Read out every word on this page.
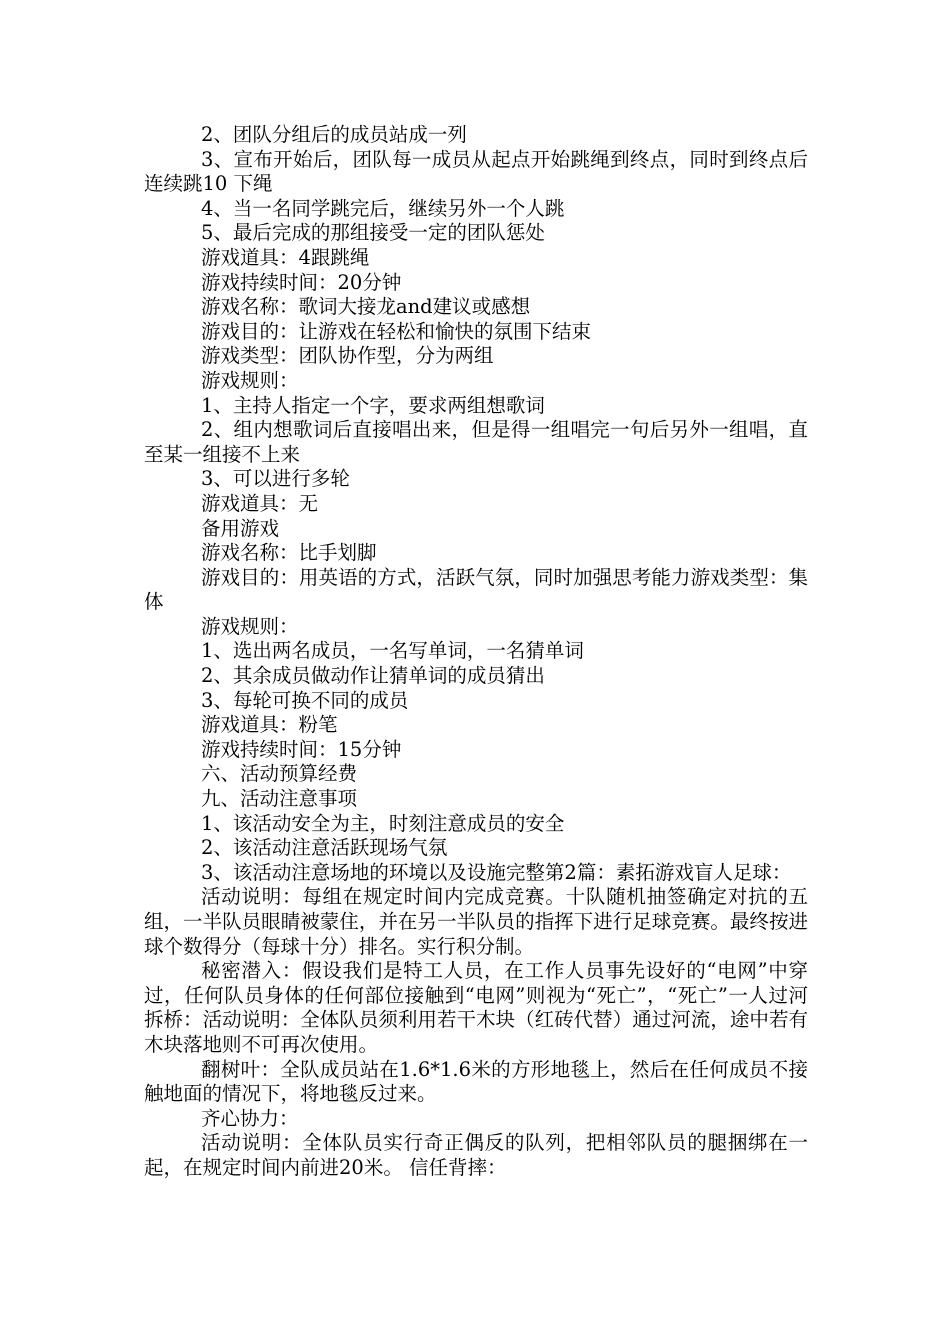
2、团队分组后的成员站成一列

3、宣布开始后，团队每一成员从起点开始跳绳到终点，同时到终点后连续跳10 下绳

4、当一名同学跳完后，继续另外一个人跳

5、最后完成的那组接受一定的团队惩处

游戏道具：4跟跳绳

游戏持续时间：20分钟

游戏名称：歌词大接龙and建议或感想

游戏目的：让游戏在轻松和愉快的氛围下结束

游戏类型：团队协作型，分为两组

游戏规则：

1、主持人指定一个字，要求两组想歌词

2、组内想歌词后直接唱出来，但是得一组唱完一句后另外一组唱，直至某一组接不上来

3、可以进行多轮

游戏道具：无

备用游戏

游戏名称：比手划脚

游戏目的：用英语的方式，活跃气氛，同时加强思考能力游戏类型：集体

游戏规则：

1、选出两名成员，一名写单词，一名猜单词

2、其余成员做动作让猜单词的成员猜出

3、每轮可换不同的成员

游戏道具：粉笔

游戏持续时间：15分钟

六、活动预算经费

九、活动注意事项

1、该活动安全为主，时刻注意成员的安全

2、该活动注意活跃现场气氛

3、该活动注意场地的环境以及设施完整第2篇：素拓游戏盲人足球：

活动说明：每组在规定时间内完成竞赛。十队随机抽签确定对抗的五组，一半队员眼睛被蒙住，并在另一半队员的指挥下进行足球竞赛。最终按进球个数得分（每球十分）排名。实行积分制。

秘密潜入：假设我们是特工人员，在工作人员事先设好的“电网”中穿过，任何队员身体的任何部位接触到“电网”则视为“死亡”，“死亡”一人过河拆桥：活动说明：全体队员须利用若干木块（红砖代替）通过河流，途中若有木块落地则不可再次使用。

翻树叶：全队成员站在1.6*1.6米的方形地毯上，然后在任何成员不接触地面的情况下，将地毯反过来。

齐心协力：

活动说明：全体队员实行奇正偶反的队列，把相邻队员的腿捆绑在一起，在规定时间内前进20米。 信任背摔：
